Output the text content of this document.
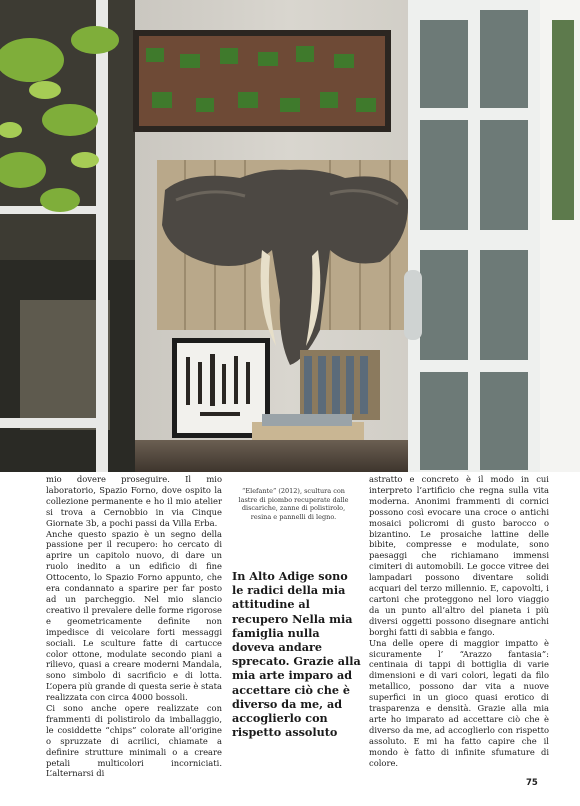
mio dovere proseguire. Il mio laboratorio, Spazio Forno, dove ospito la collezione permanente e ho il mio atelier si trova a Cernobbio in via Cinque Giornate 3b, a pochi passi da Villa Erba.

Anche questo spazio è un segno della passione per il recupero: ho cercato di aprire un capitolo nuovo, di dare un ruolo inedito a un edificio di fine Ottocento, lo Spazio Forno appunto, che era condannato a sparire per far posto ad un parcheggio. Nel mio slancio creativo il prevalere delle forme rigorose e geometricamente definite non impedisce di veicolare forti messaggi sociali. Le sculture fatte di cartucce color ottone, modulate secondo piani a rilievo, quasi a creare moderni Mandala, sono simbolo di sacrificio e di lotta. L’opera più grande di questa serie è stata realizzata con circa 4000 bossoli.

Ci sono anche opere realizzate con frammenti di polistirolo da imballaggio, le cosiddette “chips” colorate all’origine o spruzzate di acrilici, chiamate a definire strutture minimali o a creare petali multicolori incorniciati. L’alternarsi di

“Elefante” (2012), scultura con lastre di piombo recuperate dalle discariche, zanne di polistirolo, resina e pannelli di legno.
In Alto Adige sono le radici della mia attitudine al recupero Nella mia famiglia nulla doveva andare sprecato. Grazie alla mia arte imparo ad accettare ciò che è diverso da me, ad accoglierlo con rispetto assoluto

astratto e concreto è il modo in cui interpreto l’artificio che regna sulla vita moderna. Anonimi frammenti di cornici possono così evocare una croce o antichi mosaici policromi di gusto barocco o bizantino. Le prosaiche lattine delle bibite, compresse e modulate, sono paesaggi che richiamano immensi cimiteri di automobili. Le gocce vitree dei lampadari possono diventare solidi acquari del terzo millennio. E, capovolti, i cartoni che proteggono nel loro viaggio da un punto all’altro del pianeta i più diversi oggetti possono disegnare antichi borghi fatti di sabbia e fango.

Una delle opere di maggior impatto è sicuramente l’ “Arazzo fantasia”: centinaia di tappi di bottiglia di varie dimensioni e di vari colori, legati da filo metallico, possono dar vita a nuove superfici in un gioco quasi erotico di trasparenza e densità. Grazie alla mia arte ho imparato ad accettare ciò che è diverso da me, ad accoglierlo con rispetto assoluto. E mi ha fatto capire che il mondo è fatto di infinite sfumature di colore.

75
